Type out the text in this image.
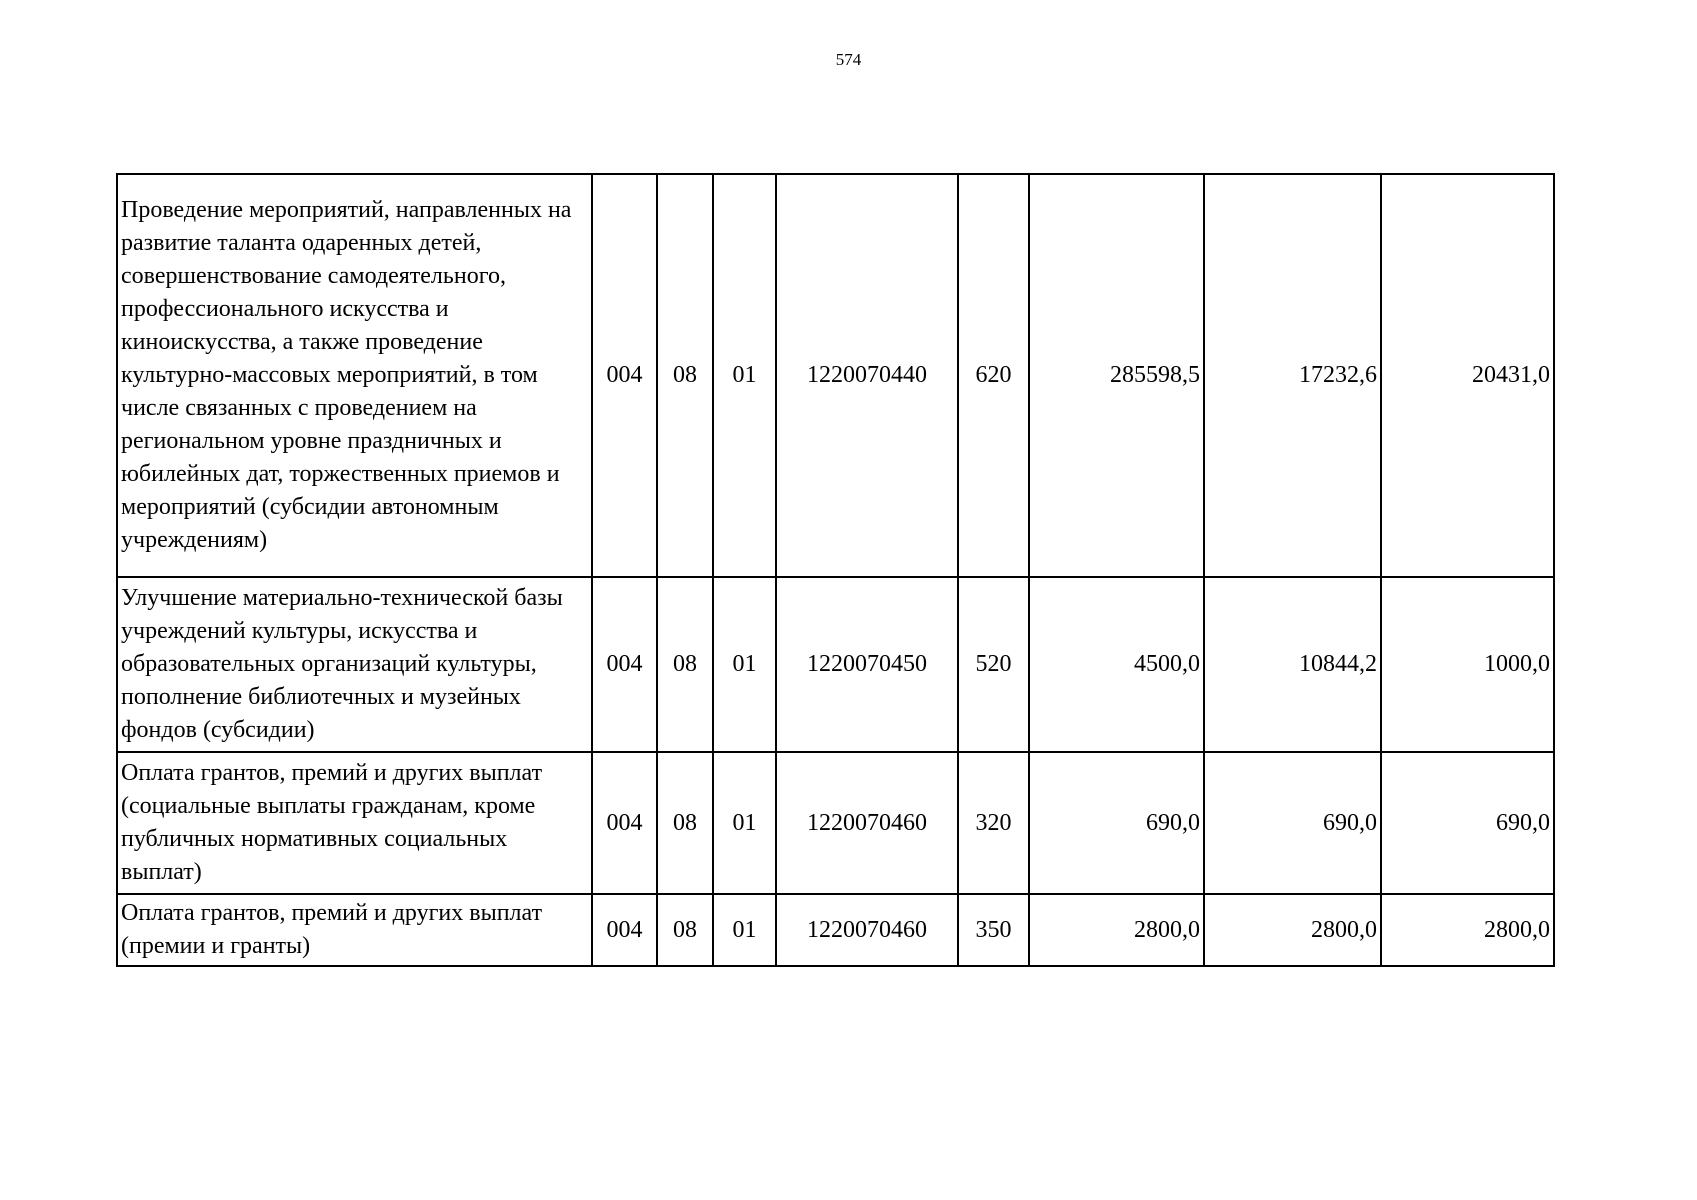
574
Проведение мероприятий, направленных на развитие таланта одаренных детей, совершенствование самодеятельного, профессионального искусства и киноискусства, а также проведение культурно-массовых мероприятий, в том числе связанных с проведением на региональном уровне праздничных и юбилейных дат, торжественных приемов и мероприятий (субсидии автономным учреждениям)	004	08	01	1220070440	620	285598,5	17232,6	20431,0
Улучшение материально-технической базы учреждений культуры, искусства и образовательных организаций культуры, пополнение библиотечных и музейных фондов (субсидии)	004	08	01	1220070450	520	4500,0	10844,2	1000,0
Оплата грантов, премий и других выплат (социальные выплаты гражданам, кроме публичных нормативных социальных выплат)	004	08	01	1220070460	320	690,0	690,0	690,0
Оплата грантов, премий и других выплат (премии и гранты)	004	08	01	1220070460	350	2800,0	2800,0	2800,0
